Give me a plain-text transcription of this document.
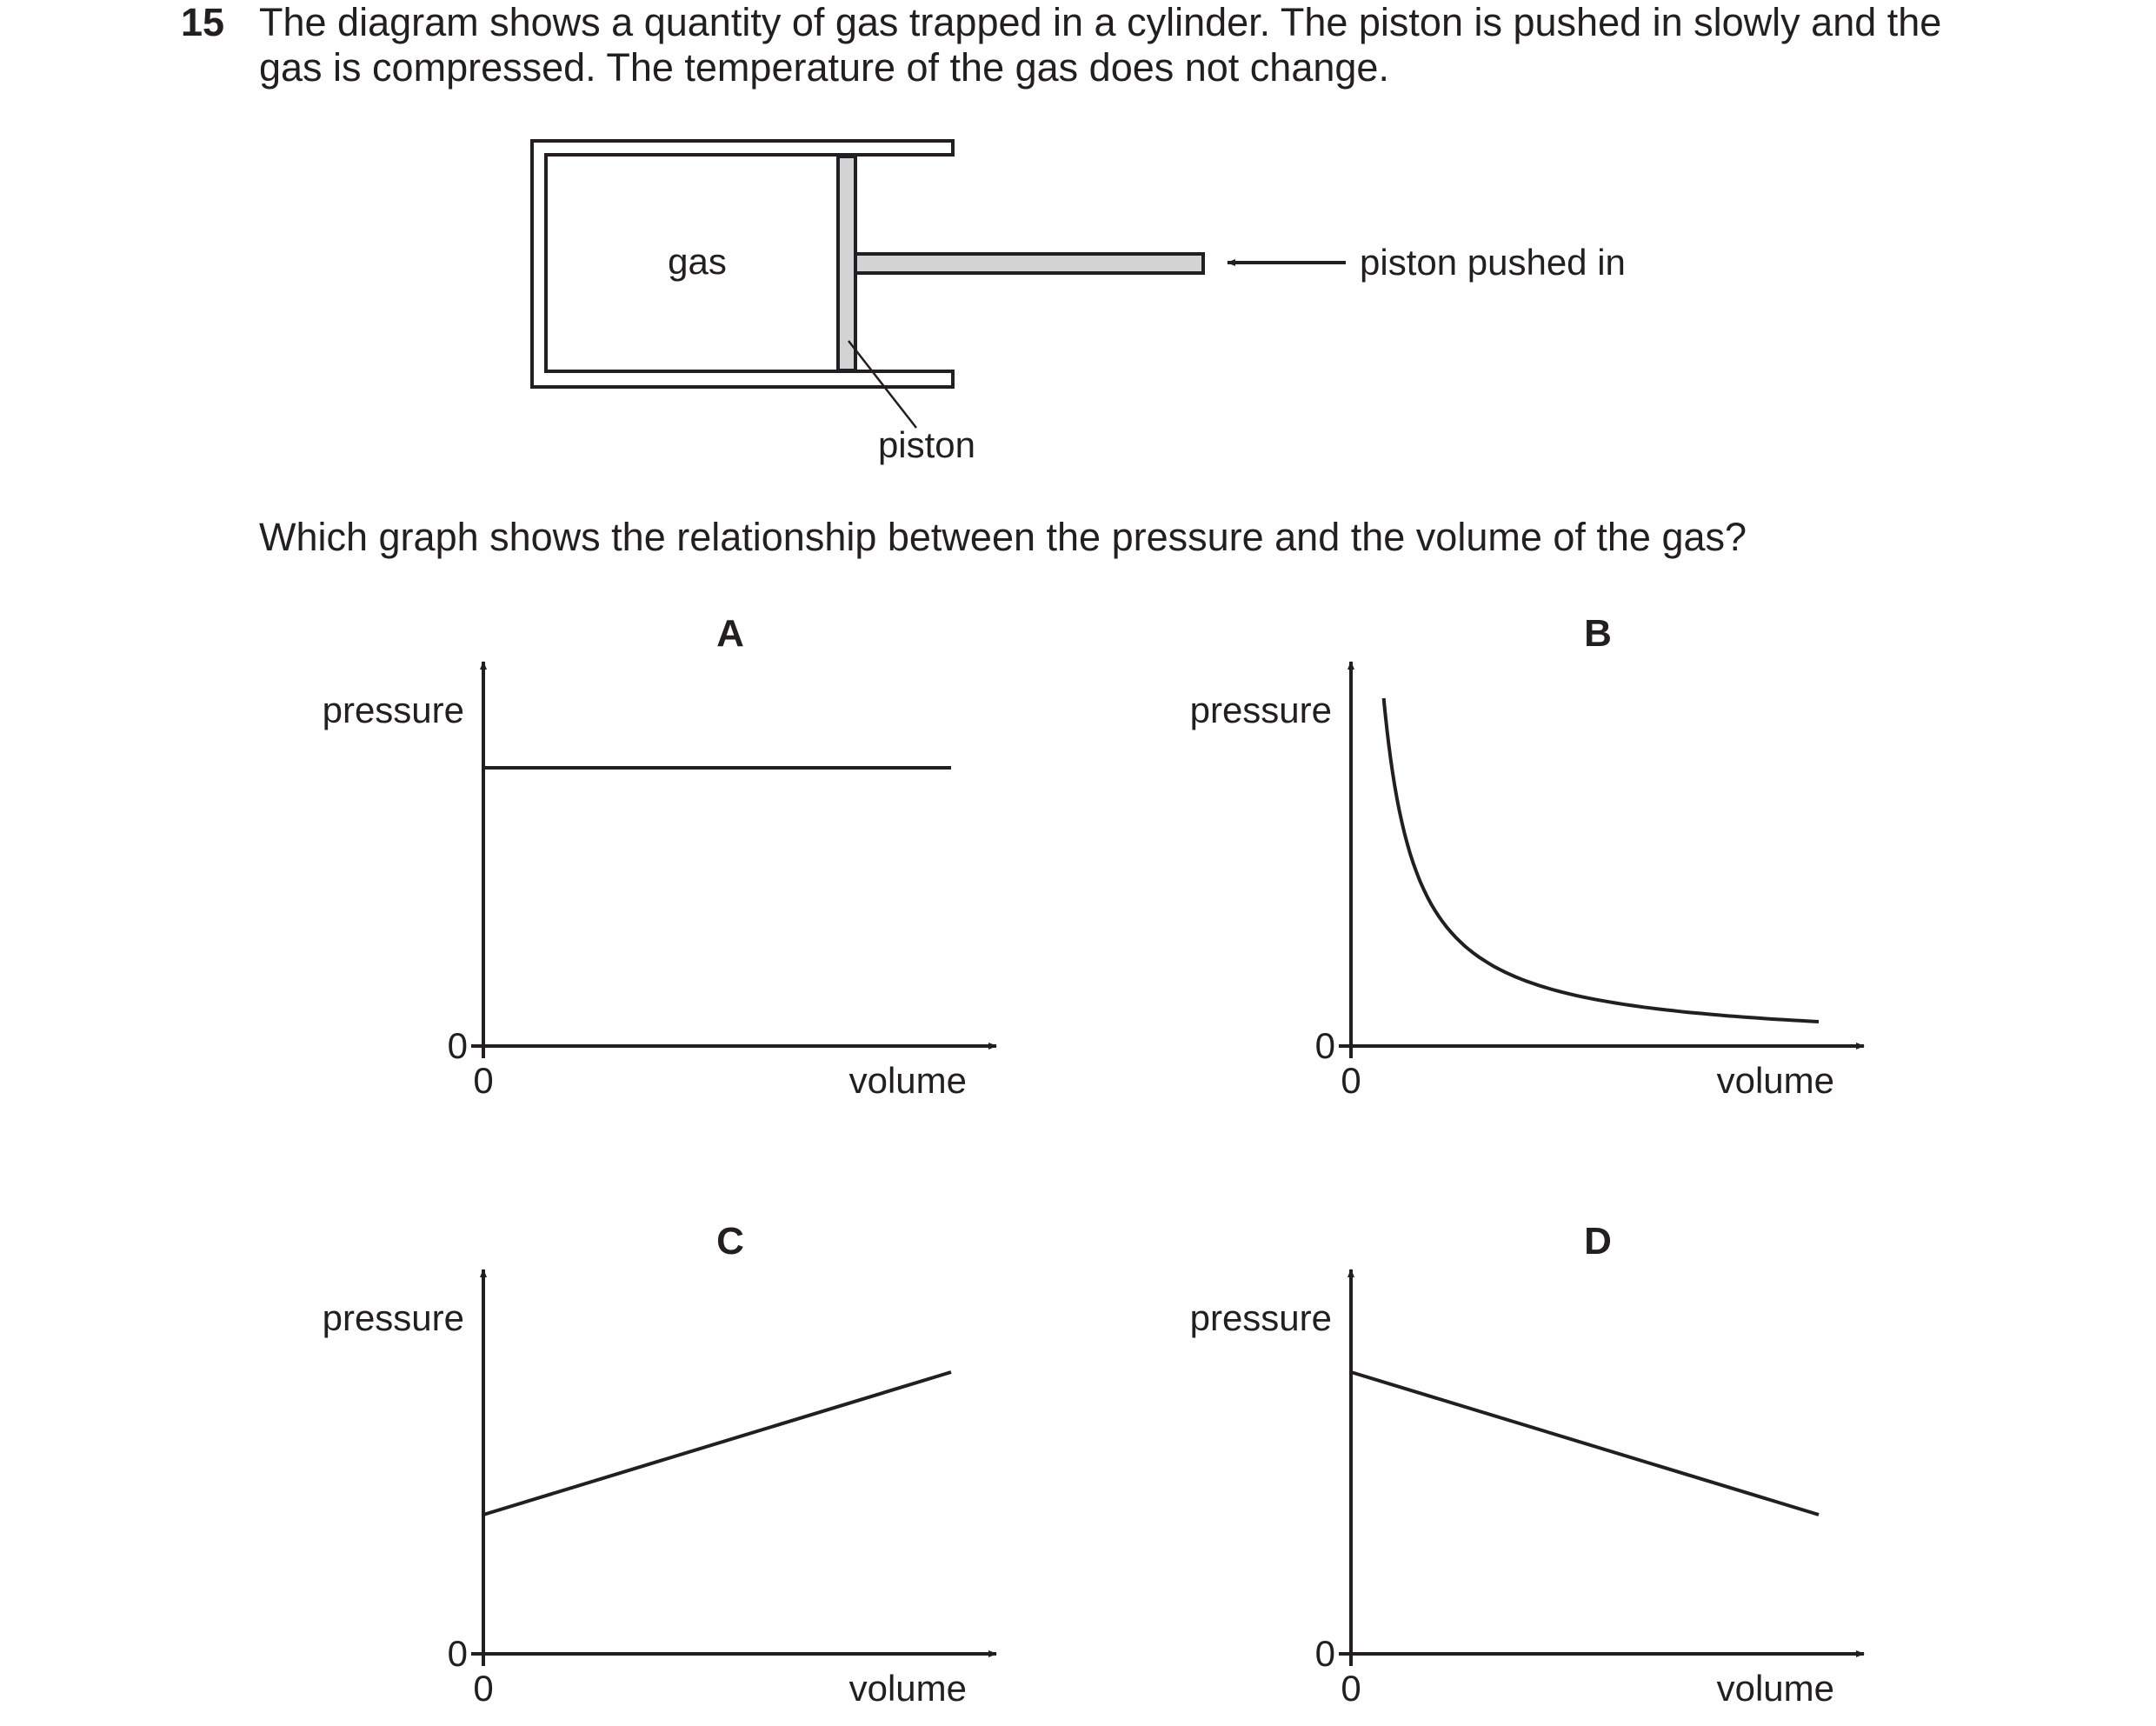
15 The diagram shows a quantity of gas trapped in a cylinder. The piston is pushed in slowly and the

gas is compressed. The temperature of the gas does not change.

gas
piston
piston pushed in
A
pressure
volume
0
0
B
pressure
volume
0
0
C
pressure
volume
0
0
D
pressure
volume
0
0
Which graph shows the relationship between the pressure and the volume of the gas?
